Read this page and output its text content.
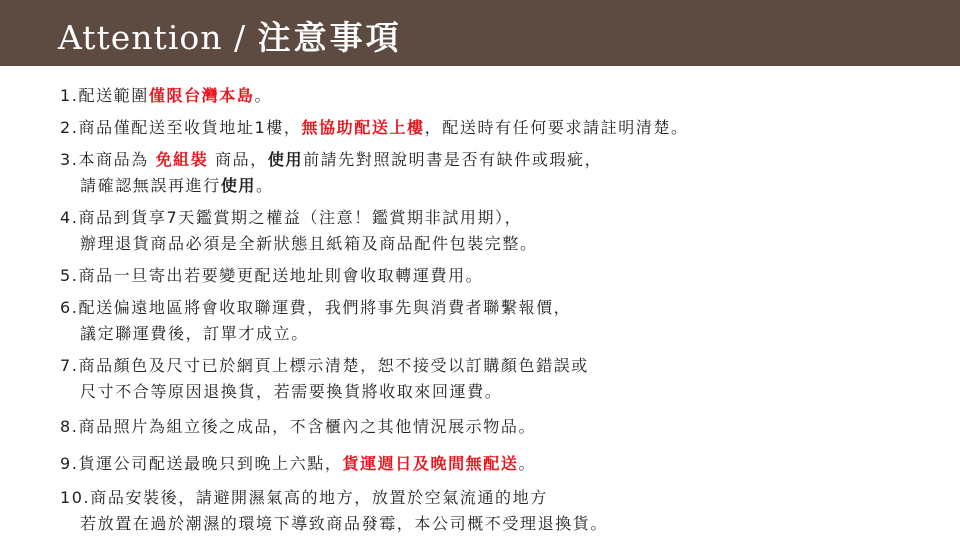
Attention / 注意事項
1.配送範圍僅限台灣本島。
2.商品僅配送至收貨地址1樓，無協助配送上樓，配送時有任何要求請註明清楚。
3.本商品為 免組裝 商品，使用前請先對照說明書是否有缺件或瑕疵，
請確認無誤再進行使用。
4.商品到貨享7天鑑賞期之權益（注意！鑑賞期非試用期），
辦理退貨商品必須是全新狀態且紙箱及商品配件包裝完整。
5.商品一旦寄出若要變更配送地址則會收取轉運費用。
6.配送偏遠地區將會收取聯運費，我們將事先與消費者聯繫報價，
議定聯運費後，訂單才成立。
7.商品顏色及尺寸已於網頁上標示清楚，恕不接受以訂購顏色錯誤或
尺寸不合等原因退換貨，若需要換貨將收取來回運費。
8.商品照片為組立後之成品，不含櫃內之其他情況展示物品。
9.貨運公司配送最晚只到晚上六點，貨運週日及晚間無配送。
10.商品安裝後，請避開濕氣高的地方，放置於空氣流通的地方
若放置在過於潮濕的環境下導致商品發霉，本公司概不受理退換貨。
